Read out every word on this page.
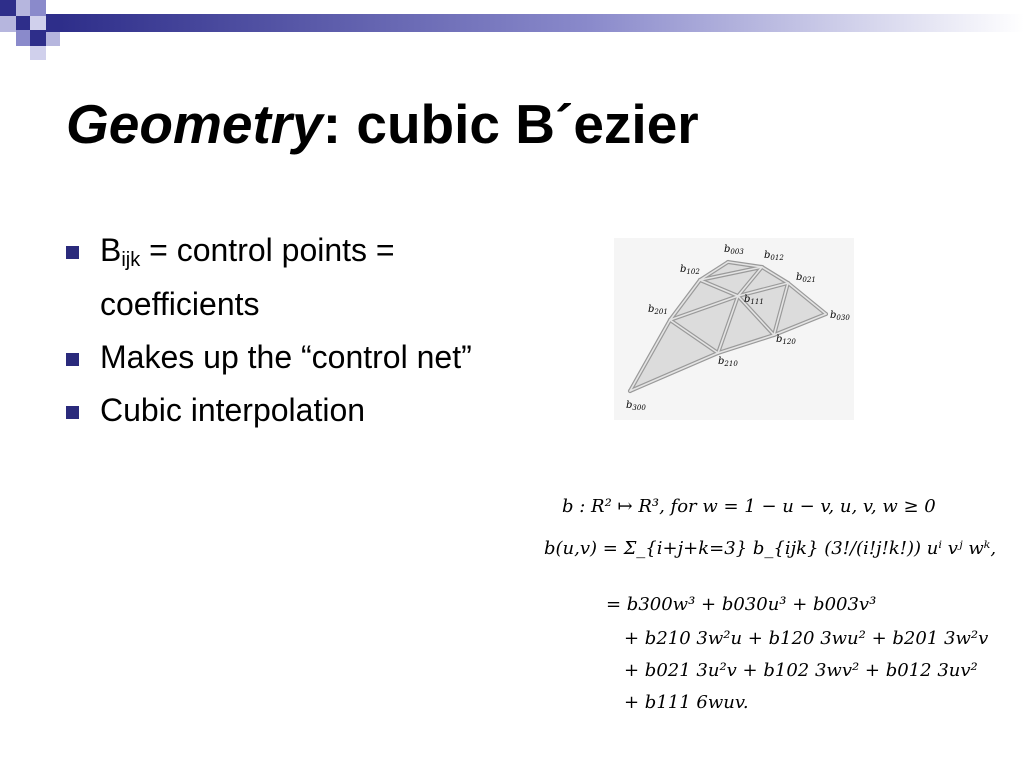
Geometry: cubic B´ezier
$B_{ijk}$ = control points = coefficients
Makes up the “control net”
Cubic interpolation
$b_{003}$ $b_{012}$
$b_{102}$	$b_{021}$
$b_{201}$
$b_{111}$
$b_{030}$
$b_{120}$
$b_{210}$
$b_{300}$
b : R² ↦ R³, for w = 1 − u − v, u, v, w ≥ 0
b(u,v) = Σ_{i+j+k=3} b_{ijk} (3!/(i!j!k!)) uⁱ vʲ wᵏ,
= b300w³ + b030u³ + b003v³
+ b210 3w²u + b120 3wu² + b201 3w²v
+ b021 3u²v + b102 3wv² + b012 3uv²
+ b111 6wuv.
